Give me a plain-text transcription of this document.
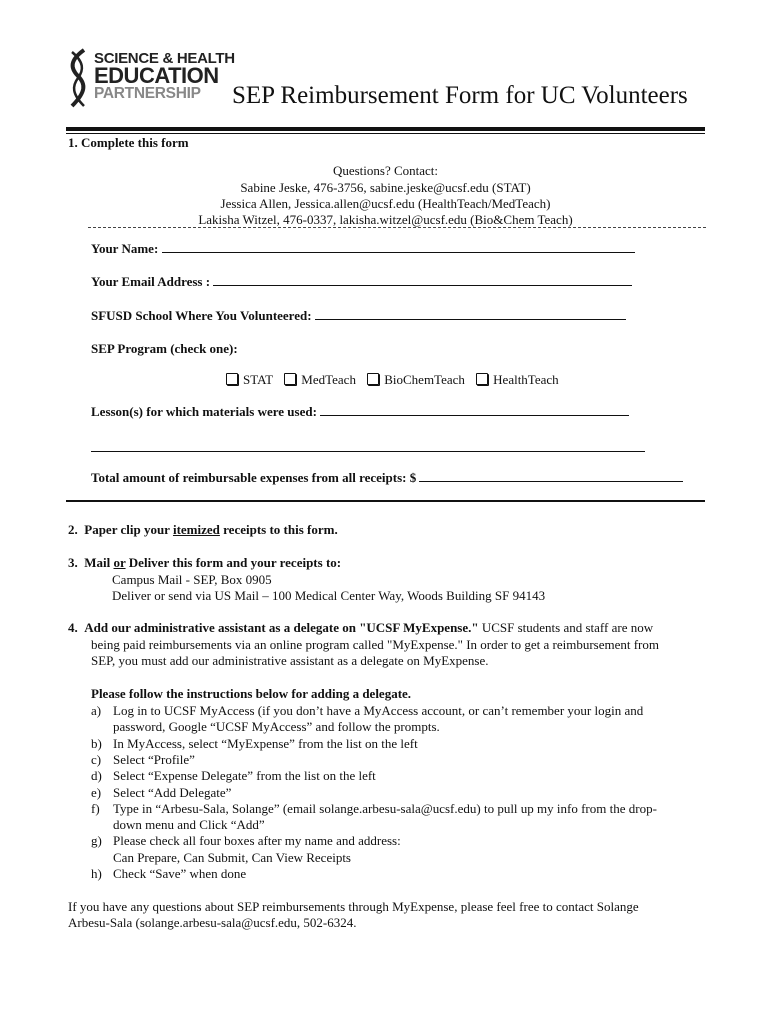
SCIENCE & HEALTH
EDUCATION
PARTNERSHIP SEP Reimbursement Form for UC Volunteers
1. Complete this form
Questions? Contact:
Sabine Jeske, 476-3756, sabine.jeske@ucsf.edu (STAT)
Jessica Allen, Jessica.allen@ucsf.edu (HealthTeach/MedTeach)
Lakisha Witzel, 476-0337, lakisha.witzel@ucsf.edu (Bio&Chem Teach)
Your Name:
Your Email Address :
SFUSD School Where You Volunteered:
SEP Program (check one):
STAT MedTeach BioChemTeach HealthTeach
Lesson(s) for which materials were used:
Total amount of reimbursable expenses from all receipts: $
2. Paper clip your itemized receipts to this form.
3. Mail or Deliver this form and your receipts to:
Campus Mail - SEP, Box 0905
Deliver or send via US Mail – 100 Medical Center Way, Woods Building SF 94143
4. Add our administrative assistant as a delegate on "UCSF MyExpense." UCSF students and staff are now
being paid reimbursements via an online program called "MyExpense." In order to get a reimbursement from
SEP, you must add our administrative assistant as a delegate on MyExpense.
Please follow the instructions below for adding a delegate.
a) Log in to UCSF MyAccess (if you don’t have a MyAccess account, or can’t remember your login and
password, Google “UCSF MyAccess” and follow the prompts.
b) In MyAccess, select “MyExpense” from the list on the left
c) Select “Profile”
d) Select “Expense Delegate” from the list on the left
e) Select “Add Delegate”
f) Type in “Arbesu-Sala, Solange” (email solange.arbesu-sala@ucsf.edu) to pull up my info from the drop-
down menu and Click “Add”
g) Please check all four boxes after my name and address:
Can Prepare, Can Submit, Can View Receipts
h) Check “Save” when done
If you have any questions about SEP reimbursements through MyExpense, please feel free to contact Solange
Arbesu-Sala (solange.arbesu-sala@ucsf.edu, 502-6324.
